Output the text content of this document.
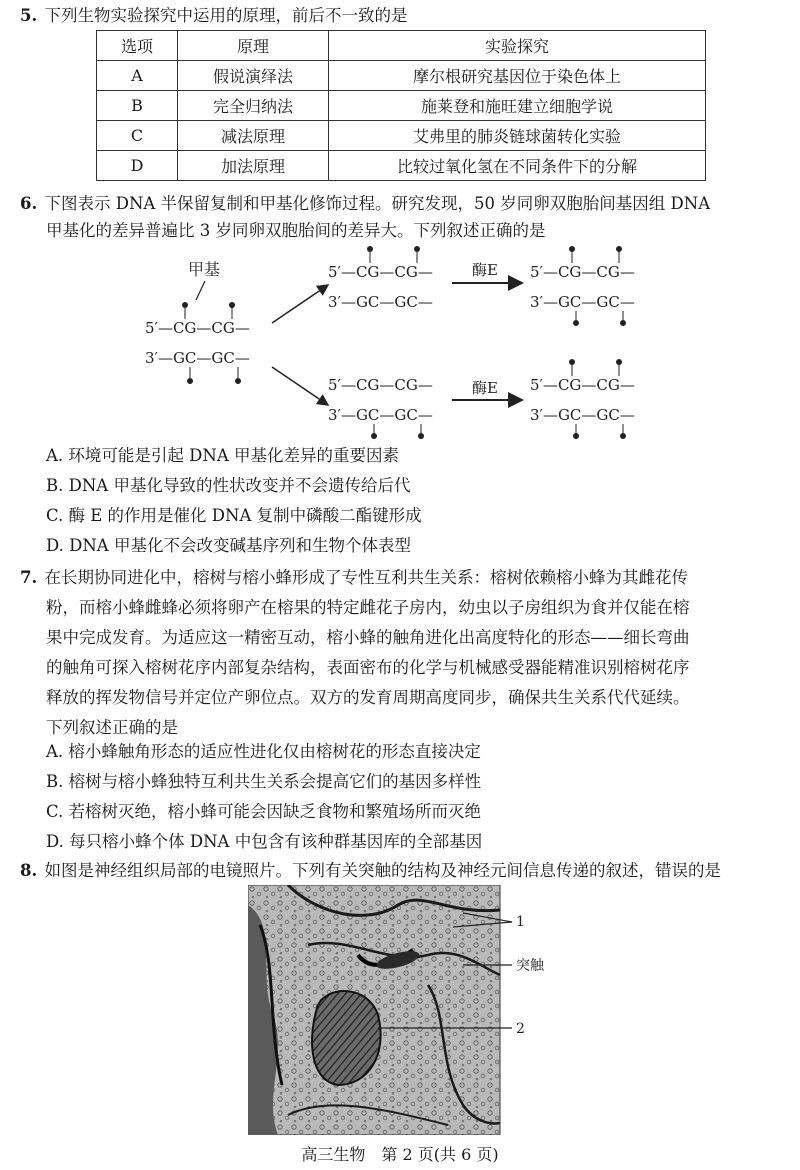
5. 下列生物实验探究中运用的原理，前后不一致的是
选项	原理	实验探究
A	假说演绎法	摩尔根研究基因位于染色体上
B	完全归纳法	施莱登和施旺建立细胞学说
C	减法原理	艾弗里的肺炎链球菌转化实验
D	加法原理	比较过氧化氢在不同条件下的分解
6. 下图表示 DNA 半保留复制和甲基化修饰过程。研究发现，50 岁同卵双胞胎间基因组 DNA
甲基化的差异普遍比 3 岁同卵双胞胎间的差异大。下列叙述正确的是
甲基
5′—CG—CG—
3′—GC—GC—
5′—CG—CG—
3′—GC—GC—
5′—CG—CG—
3′—GC—GC—
酶E
酶E
5′—CG—CG—
3′—GC—GC—
5′—CG—CG—
3′—GC—GC—
A. 环境可能是引起 DNA 甲基化差异的重要因素
B. DNA 甲基化导致的性状改变并不会遗传给后代
C. 酶 E 的作用是催化 DNA 复制中磷酸二酯键形成
D. DNA 甲基化不会改变碱基序列和生物个体表型
7. 在长期协同进化中，榕树与榕小蜂形成了专性互利共生关系：榕树依赖榕小蜂为其雌花传
粉，而榕小蜂雌蜂必须将卵产在榕果的特定雌花子房内，幼虫以子房组织为食并仅能在榕
果中完成发育。为适应这一精密互动，榕小蜂的触角进化出高度特化的形态——细长弯曲
的触角可探入榕树花序内部复杂结构，表面密布的化学与机械感受器能精准识别榕树花序
释放的挥发物信号并定位产卵位点。双方的发育周期高度同步，确保共生关系代代延续。
下列叙述正确的是
A. 榕小蜂触角形态的适应性进化仅由榕树花的形态直接决定
B. 榕树与榕小蜂独特互利共生关系会提高它们的基因多样性
C. 若榕树灭绝，榕小蜂可能会因缺乏食物和繁殖场所而灭绝
D. 每只榕小蜂个体 DNA 中包含有该种群基因库的全部基因
8. 如图是神经组织局部的电镜照片。下列有关突触的结构及神经元间信息传递的叙述，错误的是
1
突触
2
高三生物　第 2 页(共 6 页)
